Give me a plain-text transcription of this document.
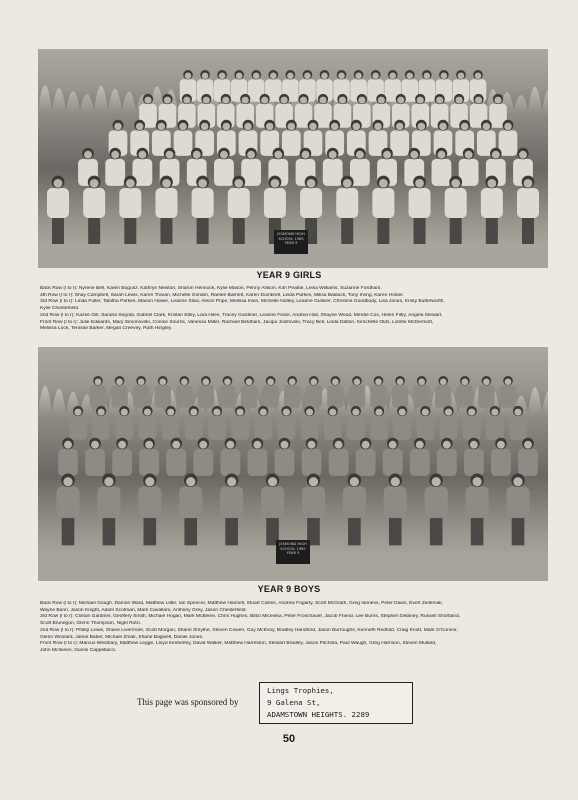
JESMOND HIGH SCHOOL 1985 YEAR 9
YEAR 9 GIRLS
Back Row (l to r): Nyrene Bell, Karen Bogusz, Kathryn Newton, Sharon Hennock, Kylie Mason, Penny Allison, Kim Peattie, Leisa Williams, Suzanne Fordham.
4th Row (l to r): Shay Campbell, Sarah Lewis, Karen Travan, Michelle Gordon, Raelee Barnett, Karen Dumbrell, Linda Parkes, Milisa Baldock, Tony Irving, Karen Hosler.
3rd Row (l to r): Linda Fuller, Tabitha Parkes, Marion Howie, Leanne Slow, Alison Pope, Melissa Irwin, Michelle Notley, Leanne Gulliver, Christine Goodbody, Lisa Jones, Kristy Butterworth,
Kylie Chesterfield.
2nd Row (l to r): Kazee Gill, Sandra Segota, Gabriel Clark, Kristan Elley, Lara Hiles, Tracey Gardiner, Leanne Fedor, Andrea Hall, Shayne Wood, Merdie Cox, Helen Filby, Angela Stewart.
Front Row (l to r): Julie Edwards, Mary Simonovski, Connie Sourris, Vanessa Miller, Rachael Beldham, Jacqui Josifovski, Tracy Bell, Linda Dalton, Kirschelle Olds, Lizette McDermott,
Melissa Lock, Terasse Barker, Megan Creevey, Ruth Hingley.
JESMOND HIGH SCHOOL 1985 YEAR 9
YEAR 9 BOYS
Back Row (l to r): Michael Gough, Damon Ward, Matthew Little, Ian Spencer, Matthew Hannell, Stuart Collins, Andrew Fogarty, Scott McGrath, Greg Ianness, Peter Daws, Evert Zielemak,
Wayne Bunn, Jason Knight, Adam Scotman, Mark Cavallaro, Anthony Grey, Jason Chesterfield.
3rd Row (l to r): Clinton Gardiner, Geoffery Smith, Michael Hogan, Mark McBeine, Chris Hughes, Bilbo Miceinka, Peter Froschauer, Jacob Friend, Lee Burns, Stephen Delaney, Russell Shortland,
Scott Brunegon, Glenn Thompson, Nigel Rizzi.
2nd Row (l to r): Phillip Lewis, Shane Livermore, Scott Morgan, Shane Smythe, Steven Cowen, Guy McEvoy, Bradley Handford, Jason Burroughs, Kenneth Redfold, Craig Knott, Mark O'Connor,
Glenn Woolard, Jamie Baber, Michael Zmak, Shane Bagwell, Daniel Jones.
Front Row (l to r): Marcus Westbury, Matthew Legge, Lloyd Kimberley, David Walker, Matthew Harreston, Stewart Bradley, Jason Pitchola, Paul Waugh, Greg Harrison, Steven Mullard,
John McIlveen, Gianni Cappellacci.
This page was sponsored by
Lings Trophies,
9 Galena St,
ADAMSTOWN HEIGHTS. 2289
50
